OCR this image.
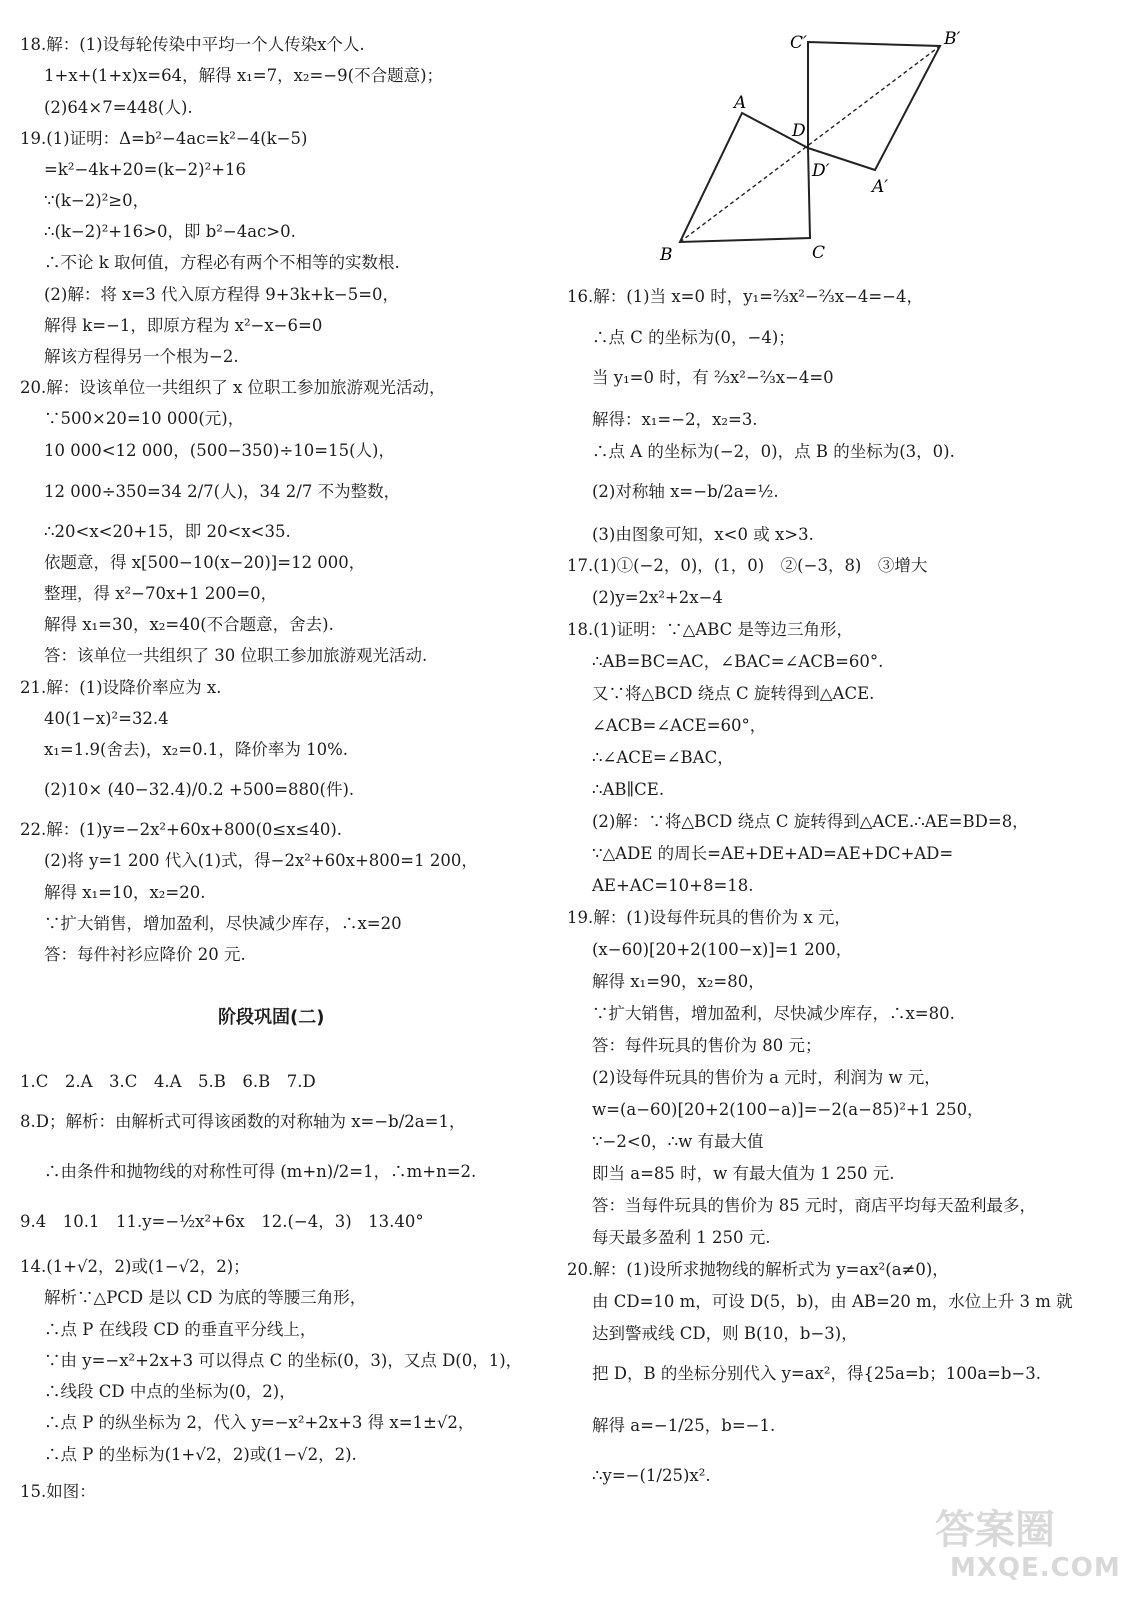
18.解：(1)设每轮传染中平均一个人传染x个人.
1+x+(1+x)x=64，解得 x₁=7，x₂=−9(不合题意)；
(2)64×7=448(人).
19.(1)证明：Δ=b²−4ac=k²−4(k−5)
=k²−4k+20=(k−2)²+16
∵(k−2)²≥0，
∴(k−2)²+16>0，即 b²−4ac>0.
∴不论 k 取何值，方程必有两个不相等的实数根.
(2)解：将 x=3 代入原方程得 9+3k+k−5=0，
解得 k=−1，即原方程为 x²−x−6=0
解该方程得另一个根为−2.
20.解：设该单位一共组织了 x 位职工参加旅游观光活动，
∵500×20=10 000(元)，
10 000<12 000，(500−350)÷10=15(人)，
12 000÷350=34 2/7(人)，34 2/7 不为整数，
∴20<x<20+15，即 20<x<35.
依题意，得 x[500−10(x−20)]=12 000，
整理，得 x²−70x+1 200=0，
解得 x₁=30，x₂=40(不合题意，舍去).
答：该单位一共组织了 30 位职工参加旅游观光活动.
21.解：(1)设降价率应为 x.
40(1−x)²=32.4
x₁=1.9(舍去)，x₂=0.1，降价率为 10%.
(2)10× (40−32.4)/0.2 +500=880(件).
22.解：(1)y=−2x²+60x+800(0≤x≤40).
(2)将 y=1 200 代入(1)式，得−2x²+60x+800=1 200，
解得 x₁=10，x₂=20.
∵扩大销售，增加盈利，尽快减少库存，∴x=20
答：每件衬衫应降价 20 元.
阶段巩固(二)
1.C　2.A　3.C　4.A　5.B　6.B　7.D
8.D；解析：由解析式可得该函数的对称轴为 x=−b/2a=1，
∴由条件和抛物线的对称性可得 (m+n)/2=1，∴m+n=2.
9.4　10.1　11.y=−½x²+6x　12.(−4，3)　13.40°
14.(1+√2，2)或(1−√2，2)；
解析∵△PCD 是以 CD 为底的等腰三角形，
∴点 P 在线段 CD 的垂直平分线上，
∵由 y=−x²+2x+3 可以得点 C 的坐标(0，3)，又点 D(0，1)，
∴线段 CD 中点的坐标为(0，2)，
∴点 P 的纵坐标为 2，代入 y=−x²+2x+3 得 x=1±√2，
∴点 P 的坐标为(1+√2，2)或(1−√2，2).
15.如图：
C′	B′
A
D
D′
A′
B	C
16.解：(1)当 x=0 时，y₁=⅔x²−⅔x−4=−4，
∴点 C 的坐标为(0，−4)；
当 y₁=0 时，有 ⅔x²−⅔x−4=0
解得：x₁=−2，x₂=3.
∴点 A 的坐标为(−2，0)，点 B 的坐标为(3，0).
(2)对称轴 x=−b/2a=½.
(3)由图象可知，x<0 或 x>3.
17.(1)①(−2，0)，(1，0)　②(−3，8)　③增大
(2)y=2x²+2x−4
18.(1)证明：∵△ABC 是等边三角形，
∴AB=BC=AC，∠BAC=∠ACB=60°.
又∵将△BCD 绕点 C 旋转得到△ACE.
∠ACB=∠ACE=60°，
∴∠ACE=∠BAC，
∴AB∥CE.
(2)解：∵将△BCD 绕点 C 旋转得到△ACE.∴AE=BD=8，
∵△ADE 的周长=AE+DE+AD=AE+DC+AD=
AE+AC=10+8=18.
19.解：(1)设每件玩具的售价为 x 元，
(x−60)[20+2(100−x)]=1 200，
解得 x₁=90，x₂=80，
∵扩大销售，增加盈利，尽快减少库存，∴x=80.
答：每件玩具的售价为 80 元；
(2)设每件玩具的售价为 a 元时，利润为 w 元，
w=(a−60)[20+2(100−a)]=−2(a−85)²+1 250，
∵−2<0，∴w 有最大值
即当 a=85 时，w 有最大值为 1 250 元.
答：当每件玩具的售价为 85 元时，商店平均每天盈利最多，
每天最多盈利 1 250 元.
20.解：(1)设所求抛物线的解析式为 y=ax²(a≠0)，
由 CD=10 m，可设 D(5，b)，由 AB=20 m，水位上升 3 m 就
达到警戒线 CD，则 B(10，b−3)，
把 D，B 的坐标分别代入 y=ax²，得{25a=b；100a=b−3.
解得 a=−1/25，b=−1.
∴y=−(1/25)x².
答案圈
MXQE.COM
